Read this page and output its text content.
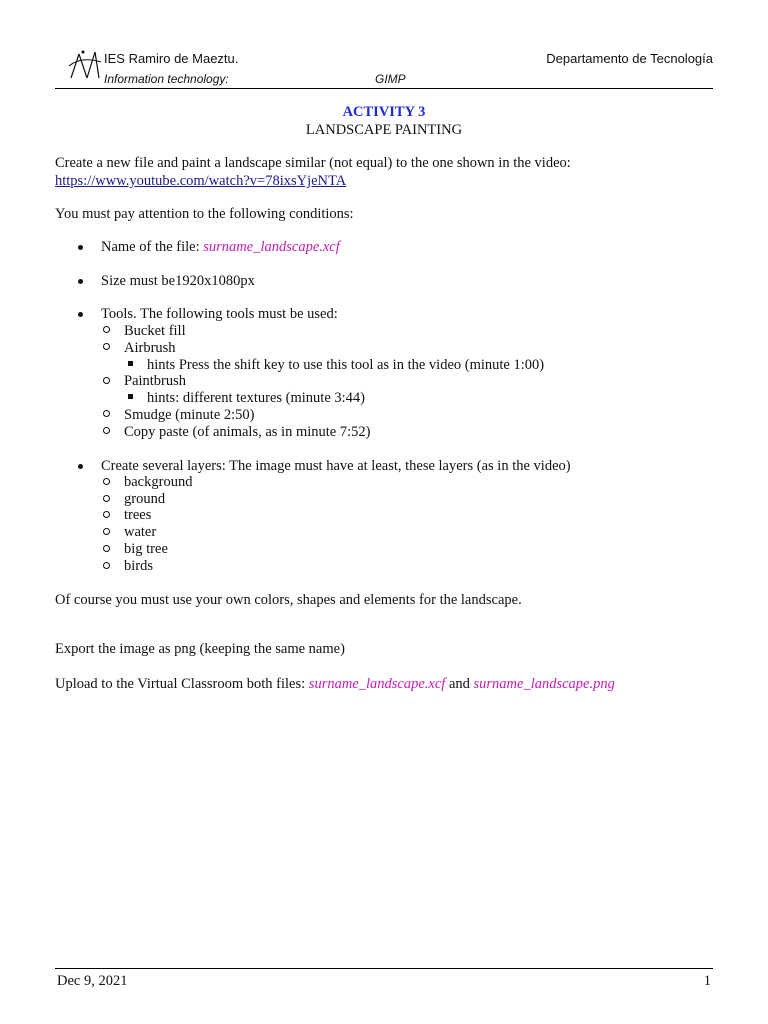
IES Ramiro de Maeztu.
Information technology:	GIMP
Departamento de Tecnología
ACTIVITY 3
LANDSCAPE PAINTING
Create a new file and paint a landscape similar (not equal) to the one shown in the video:
https://www.youtube.com/watch?v=78ixsYjeNTA
You must pay attention to the following conditions:
Name of the file: surname_landscape.xcf
Size must be1920x1080px
Tools. The following tools must be used:
Bucket fill
Airbrush
hints Press the shift key to use this tool as in the video (minute 1:00)
Paintbrush
hints: different textures (minute 3:44)
Smudge (minute 2:50)
Copy paste (of animals, as in minute 7:52)
Create several layers: The image must have at least, these layers (as in the video)
background
ground
trees
water
big tree
birds
Of course you must use your own colors, shapes and elements for the landscape.
Export the image as png (keeping the same name)
Upload to the Virtual Classroom both files: surname_landscape.xcf and surname_landscape.png
Dec 9, 2021	1
